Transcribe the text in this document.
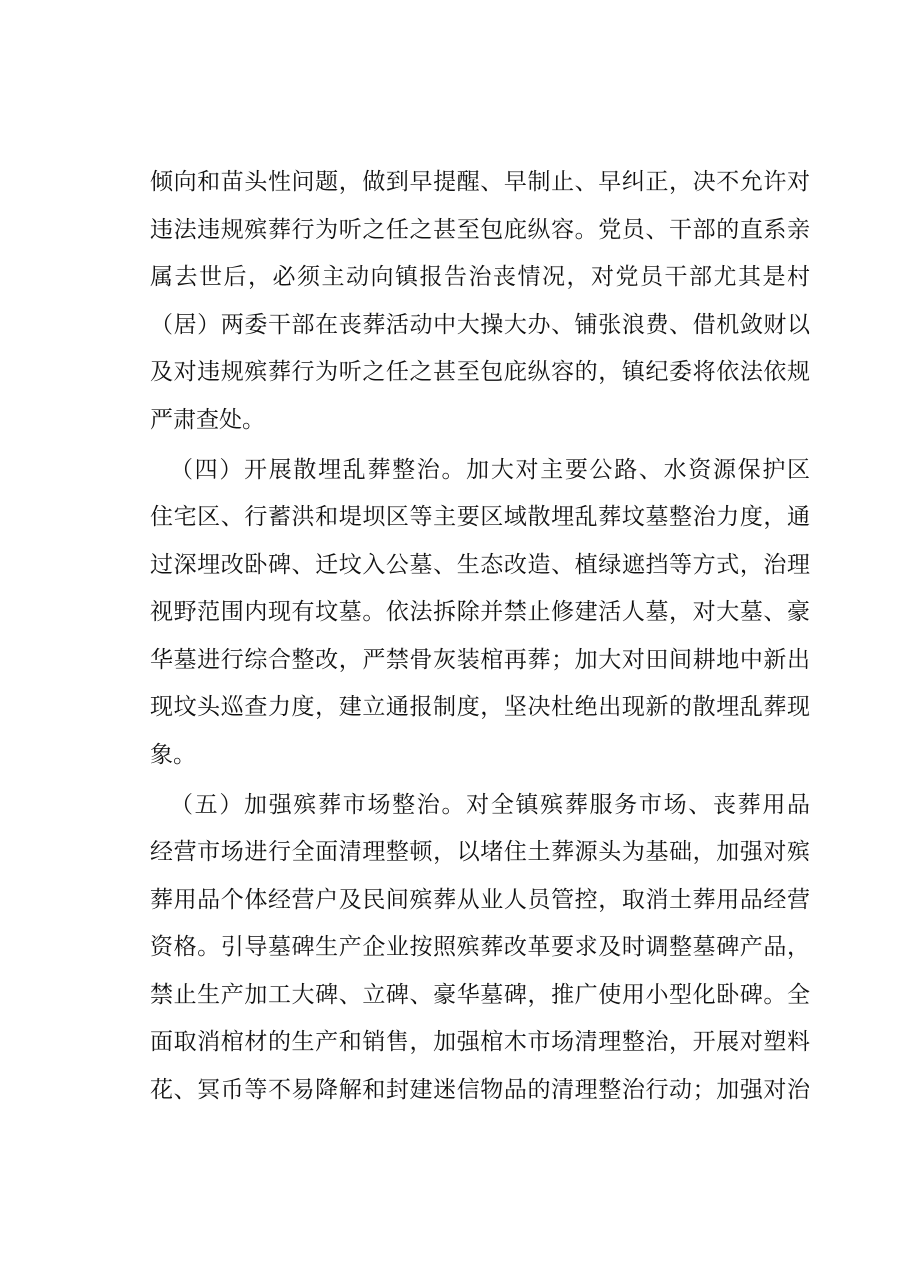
倾向和苗头性问题，做到早提醒、早制止、早纠正，决不允许对
违法违规殡葬行为听之任之甚至包庇纵容。党员、干部的直系亲
属去世后，必须主动向镇报告治丧情况，对党员干部尤其是村
（居）两委干部在丧葬活动中大操大办、铺张浪费、借机敛财以
及对违规殡葬行为听之任之甚至包庇纵容的，镇纪委将依法依规
严肃查处。
（四）开展散埋乱葬整治。加大对主要公路、水资源保护区
住宅区、行蓄洪和堤坝区等主要区域散埋乱葬坟墓整治力度，通
过深埋改卧碑、迁坟入公墓、生态改造、植绿遮挡等方式，治理
视野范围内现有坟墓。依法拆除并禁止修建活人墓，对大墓、豪
华墓进行综合整改，严禁骨灰装棺再葬；加大对田间耕地中新出
现坟头巡查力度，建立通报制度，坚决杜绝出现新的散埋乱葬现
象。
（五）加强殡葬市场整治。对全镇殡葬服务市场、丧葬用品
经营市场进行全面清理整顿，以堵住土葬源头为基础，加强对殡
葬用品个体经营户及民间殡葬从业人员管控，取消土葬用品经营
资格。引导墓碑生产企业按照殡葬改革要求及时调整墓碑产品，
禁止生产加工大碑、立碑、豪华墓碑，推广使用小型化卧碑。全
面取消棺材的生产和销售，加强棺木市场清理整治，开展对塑料
花、冥币等不易降解和封建迷信物品的清理整治行动；加强对治
